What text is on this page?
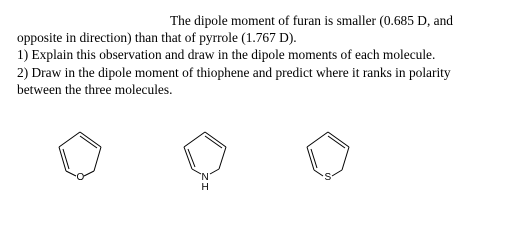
The dipole moment of furan is smaller (0.685 D, and
opposite in direction) than that of pyrrole (1.767 D).
1) Explain this observation and draw in the dipole moments of each molecule.
2) Draw in the dipole moment of thiophene and predict where it ranks in polarity
between the three molecules.
O	N
H
S
